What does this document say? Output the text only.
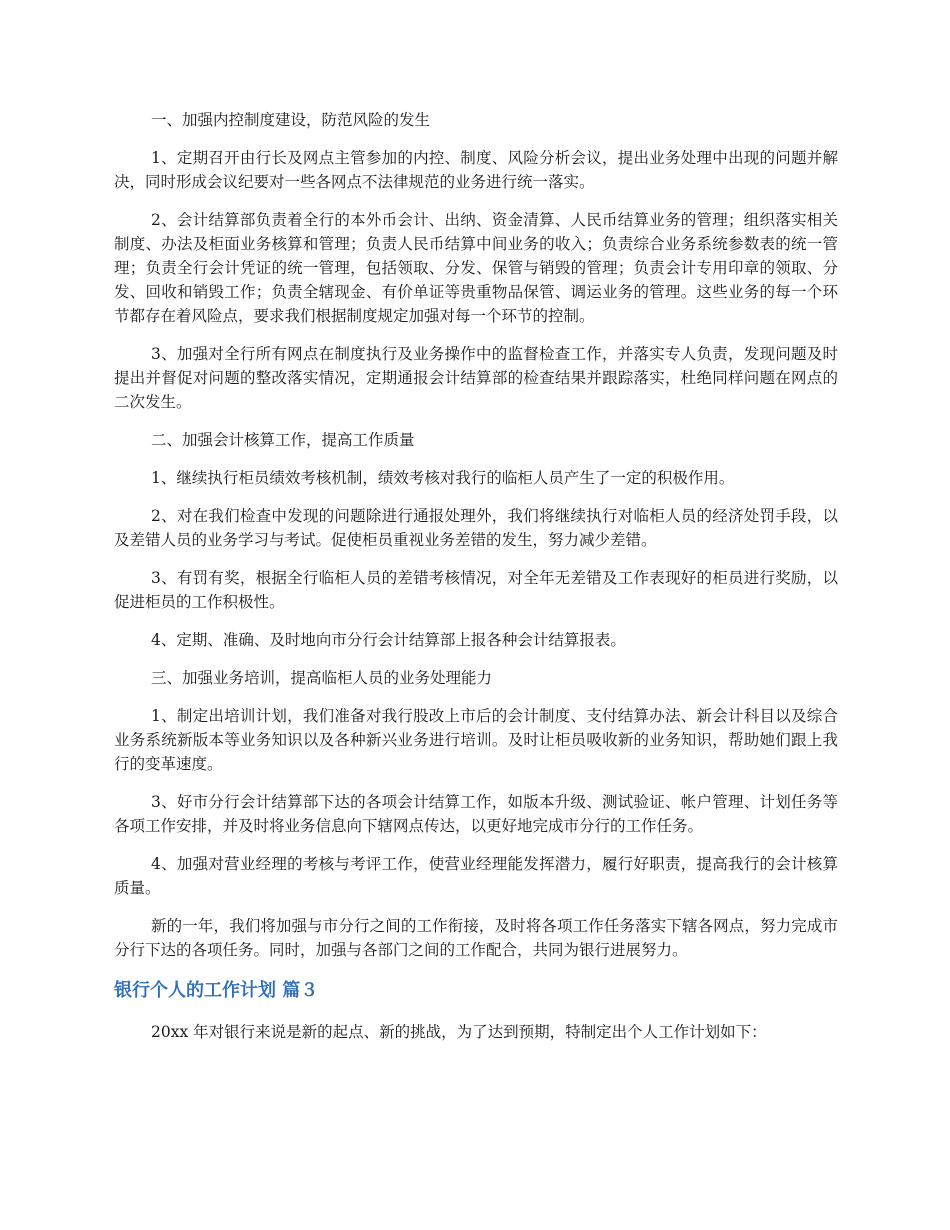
一、加强内控制度建设，防范风险的发生

1、定期召开由行长及网点主管参加的内控、制度、风险分析会议，提出业务处理中出现的问题并解决，同时形成会议纪要对一些各网点不法律规范的业务进行统一落实。

2、会计结算部负责着全行的本外币会计、出纳、资金清算、人民币结算业务的管理；组织落实相关制度、办法及柜面业务核算和管理；负责人民币结算中间业务的收入；负责综合业务系统参数表的统一管理；负责全行会计凭证的统一管理，包括领取、分发、保管与销毁的管理；负责会计专用印章的领取、分发、回收和销毁工作；负责全辖现金、有价单证等贵重物品保管、调运业务的管理。这些业务的每一个环节都存在着风险点，要求我们根据制度规定加强对每一个环节的控制。

3、加强对全行所有网点在制度执行及业务操作中的监督检查工作，并落实专人负责，发现问题及时提出并督促对问题的整改落实情况，定期通报会计结算部的检查结果并跟踪落实，杜绝同样问题在网点的二次发生。

二、加强会计核算工作，提高工作质量

1、继续执行柜员绩效考核机制，绩效考核对我行的临柜人员产生了一定的积极作用。

2、对在我们检查中发现的问题除进行通报处理外，我们将继续执行对临柜人员的经济处罚手段，以及差错人员的业务学习与考试。促使柜员重视业务差错的发生，努力减少差错。

3、有罚有奖，根据全行临柜人员的差错考核情况，对全年无差错及工作表现好的柜员进行奖励，以促进柜员的工作积极性。

4、定期、准确、及时地向市分行会计结算部上报各种会计结算报表。

三、加强业务培训，提高临柜人员的业务处理能力

1、制定出培训计划，我们准备对我行股改上市后的会计制度、支付结算办法、新会计科目以及综合业务系统新版本等业务知识以及各种新兴业务进行培训。及时让柜员吸收新的业务知识，帮助她们跟上我行的变革速度。

3、好市分行会计结算部下达的各项会计结算工作，如版本升级、测试验证、帐户管理、计划任务等各项工作安排，并及时将业务信息向下辖网点传达，以更好地完成市分行的工作任务。

4、加强对营业经理的考核与考评工作，使营业经理能发挥潜力，履行好职责，提高我行的会计核算质量。

新的一年，我们将加强与市分行之间的工作衔接，及时将各项工作任务落实下辖各网点，努力完成市分行下达的各项任务。同时，加强与各部门之间的工作配合，共同为银行进展努力。

银行个人的工作计划 篇３

20xx 年对银行来说是新的起点、新的挑战，为了达到预期，特制定出个人工作计划如下：
